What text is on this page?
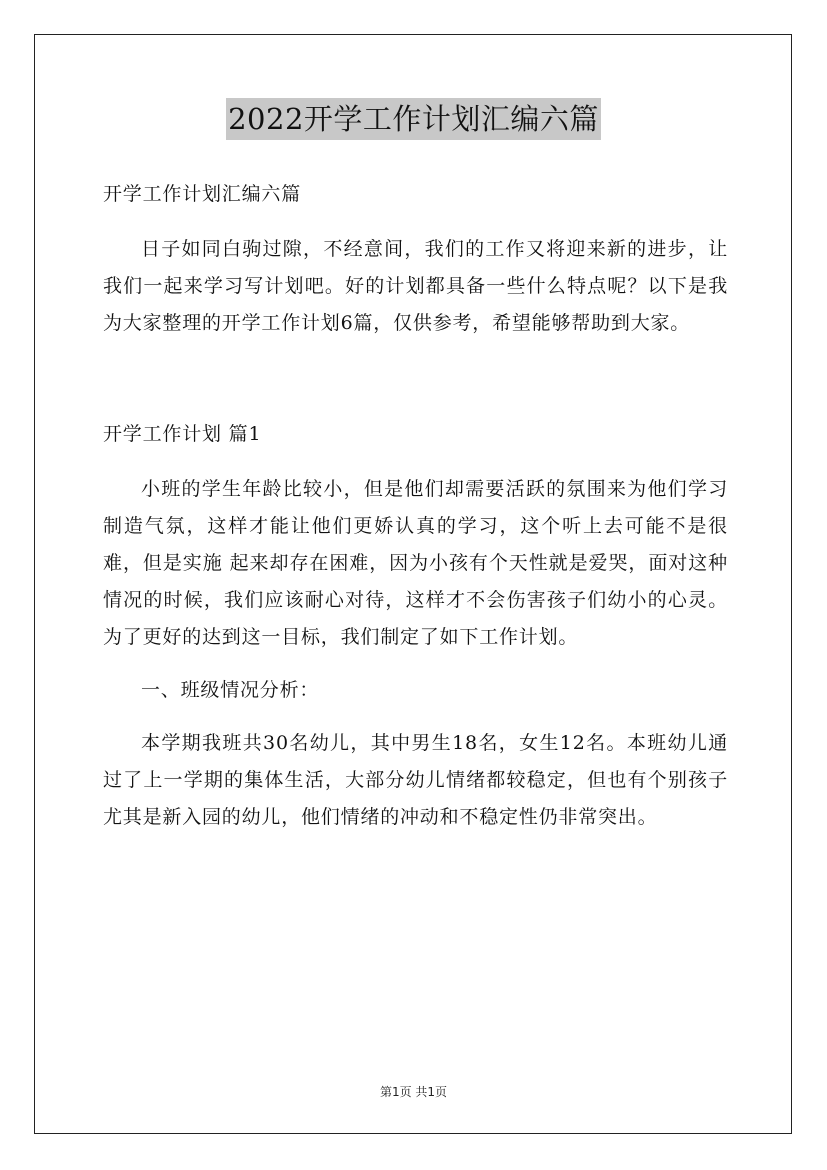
2022开学工作计划汇编六篇

开学工作计划汇编六篇

日子如同白驹过隙，不经意间，我们的工作又将迎来新的进步，让我们一起来学习写计划吧。好的计划都具备一些什么特点呢？以下是我为大家整理的开学工作计划6篇，仅供参考，希望能够帮助到大家。

开学工作计划 篇1

小班的学生年龄比较小，但是他们却需要活跃的氛围来为他们学习制造气氛，这样才能让他们更娇认真的学习，这个听上去可能不是很难，但是实施 起来却存在困难，因为小孩有个天性就是爱哭，面对这种情况的时候，我们应该耐心对待，这样才不会伤害孩子们幼小的心灵。为了更好的达到这一目标，我们制定了如下工作计划。

一、班级情况分析：

本学期我班共30名幼儿，其中男生18名，女生12名。本班幼儿通过了上一学期的集体生活，大部分幼儿情绪都较稳定，但也有个别孩子尤其是新入园的幼儿，他们情绪的冲动和不稳定性仍非常突出。

第1页 共1页
